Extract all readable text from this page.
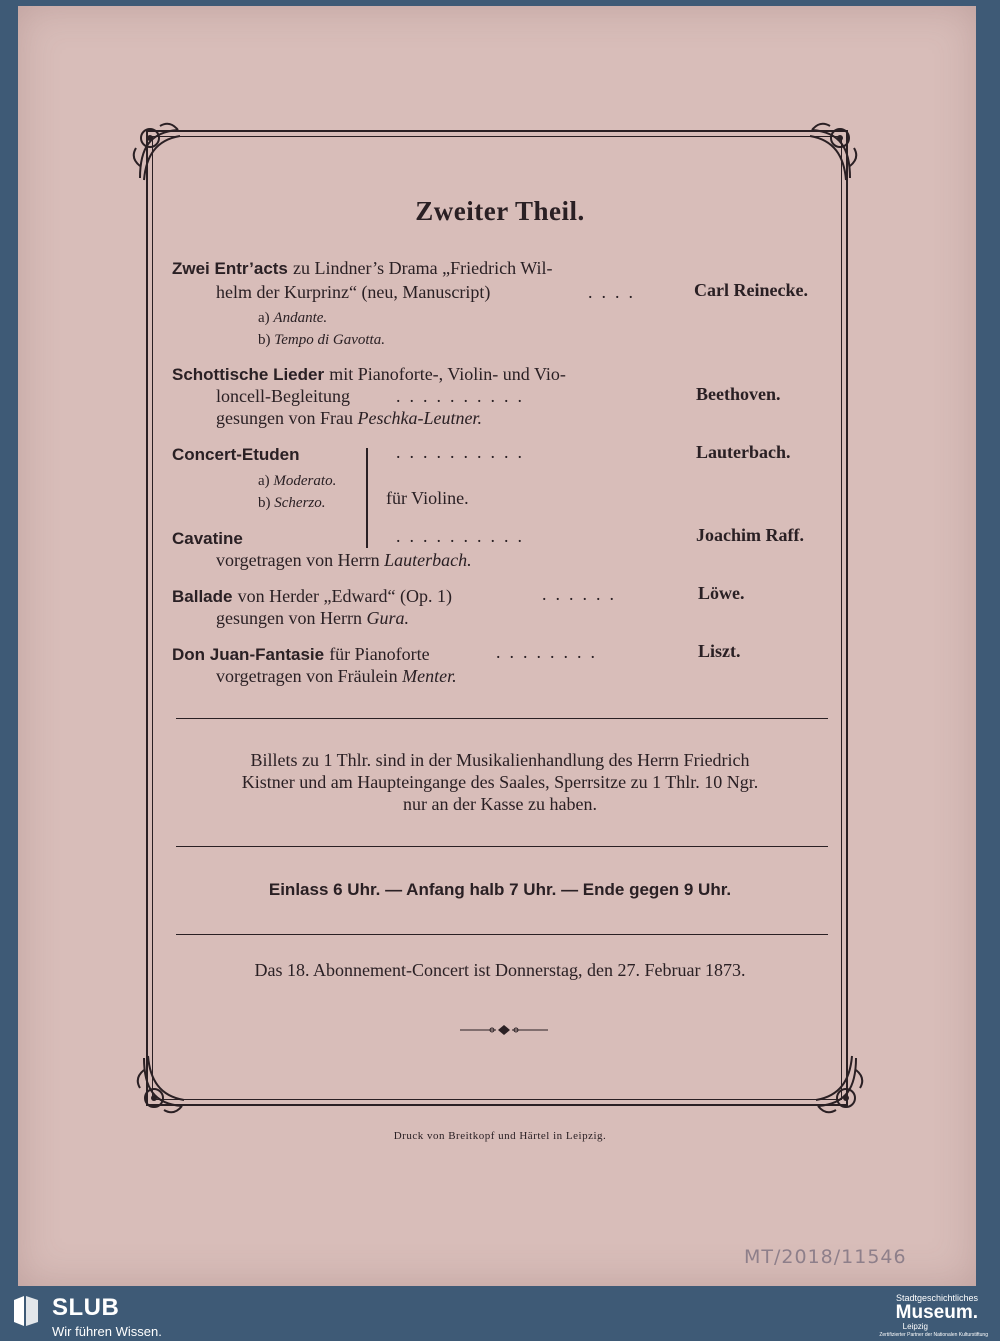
Zweiter Theil.
Zwei Entr’acts zu Lindner’s Drama „Friedrich Wil-
helm der Kurprinz“ (neu, Manuscript)	....	Carl Reinecke.
a) Andante.
b) Tempo di Gavotta.
Schottische Lieder mit Pianoforte-, Violin- und Vio-
loncell-Begleitung	..........	Beethoven.
gesungen von Frau Peschka-Leutner.
Concert-Etuden	..........	Lauterbach.
a) Moderato.
b) Scherzo.	für Violine.
Cavatine	..........	Joachim Raff.
vorgetragen von Herrn Lauterbach.
Ballade von Herder „Edward“ (Op. 1)	......	Löwe.
gesungen von Herrn Gura.
Don Juan-Fantasie für Pianoforte	........	Liszt.
vorgetragen von Fräulein Menter.
Billets zu 1 Thlr. sind in der Musikalienhandlung des Herrn Friedrich
Kistner und am Haupteingange des Saales, Sperrsitze zu 1 Thlr. 10 Ngr.
nur an der Kasse zu haben.
Einlass 6 Uhr. — Anfang halb 7 Uhr. — Ende gegen 9 Uhr.
Das 18. Abonnement-Concert ist Donnerstag, den 27. Februar 1873.
Druck von Breitkopf und Härtel in Leipzig.
MT/2018/11546
SLUB
Wir führen Wissen.
Stadtgeschichtliches
Museum.
Leipzig
Zertifizierter Partner der Nationalen Kulturstiftung
